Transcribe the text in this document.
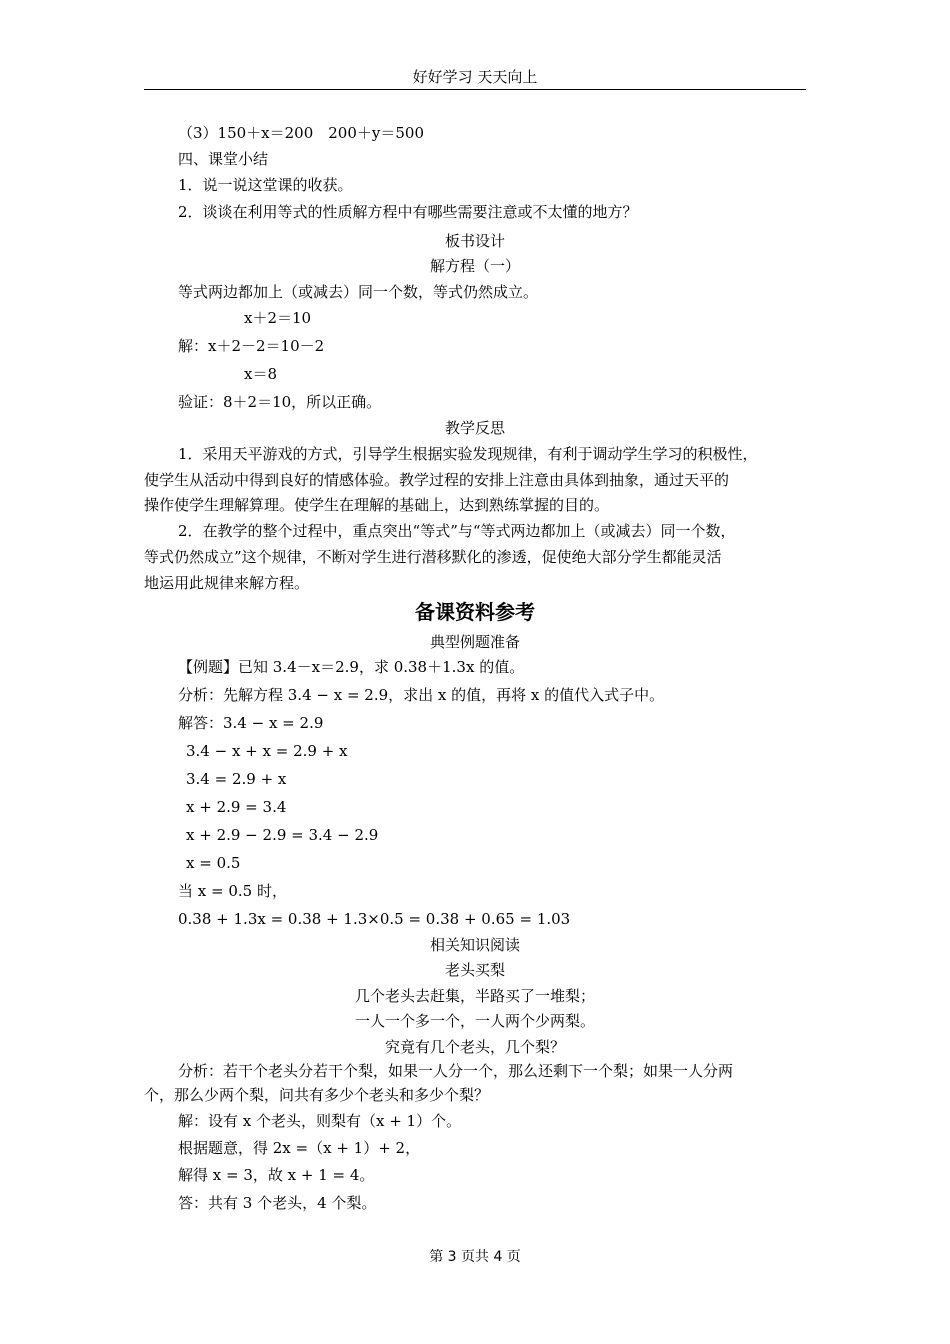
好好学习 天天向上
（3）150＋x＝200　200＋y＝500
四、课堂小结
1．说一说这堂课的收获。
2．谈谈在利用等式的性质解方程中有哪些需要注意或不太懂的地方？
板书设计
解方程（一）
等式两边都加上（或减去）同一个数，等式仍然成立。
x＋2＝10
解：x＋2－2＝10－2
x＝8
验证：8＋2＝10，所以正确。
教学反思
1．采用天平游戏的方式，引导学生根据实验发现规律，有利于调动学生学习的积极性，
使学生从活动中得到良好的情感体验。教学过程的安排上注意由具体到抽象，通过天平的
操作使学生理解算理。使学生在理解的基础上，达到熟练掌握的目的。
2．在教学的整个过程中，重点突出“等式”与“等式两边都加上（或减去）同一个数，
等式仍然成立”这个规律，不断对学生进行潜移默化的渗透，促使绝大部分学生都能灵活
地运用此规律来解方程。
备课资料参考
典型例题准备
【例题】已知 3.4－x＝2.9，求 0.38＋1.3x 的值。
分析：先解方程 3.4 − x = 2.9，求出 x 的值，再将 x 的值代入式子中。
解答：3.4 − x = 2.9
3.4 − x + x = 2.9 + x
3.4 = 2.9 + x
x + 2.9 = 3.4
x + 2.9 − 2.9 = 3.4 − 2.9
x = 0.5
当 x = 0.5 时，
0.38 + 1.3x = 0.38 + 1.3×0.5 = 0.38 + 0.65 = 1.03
相关知识阅读
老头买梨
几个老头去赶集，半路买了一堆梨；
一人一个多一个，一人两个少两梨。
究竟有几个老头，几个梨？
分析：若干个老头分若干个梨，如果一人分一个，那么还剩下一个梨；如果一人分两
个，那么少两个梨，问共有多少个老头和多少个梨？
解：设有 x 个老头，则梨有（x + 1）个。
根据题意，得 2x =（x + 1）+ 2，
解得 x = 3，故 x + 1 = 4。
答：共有 3 个老头，4 个梨。
第 3 页共 4 页
